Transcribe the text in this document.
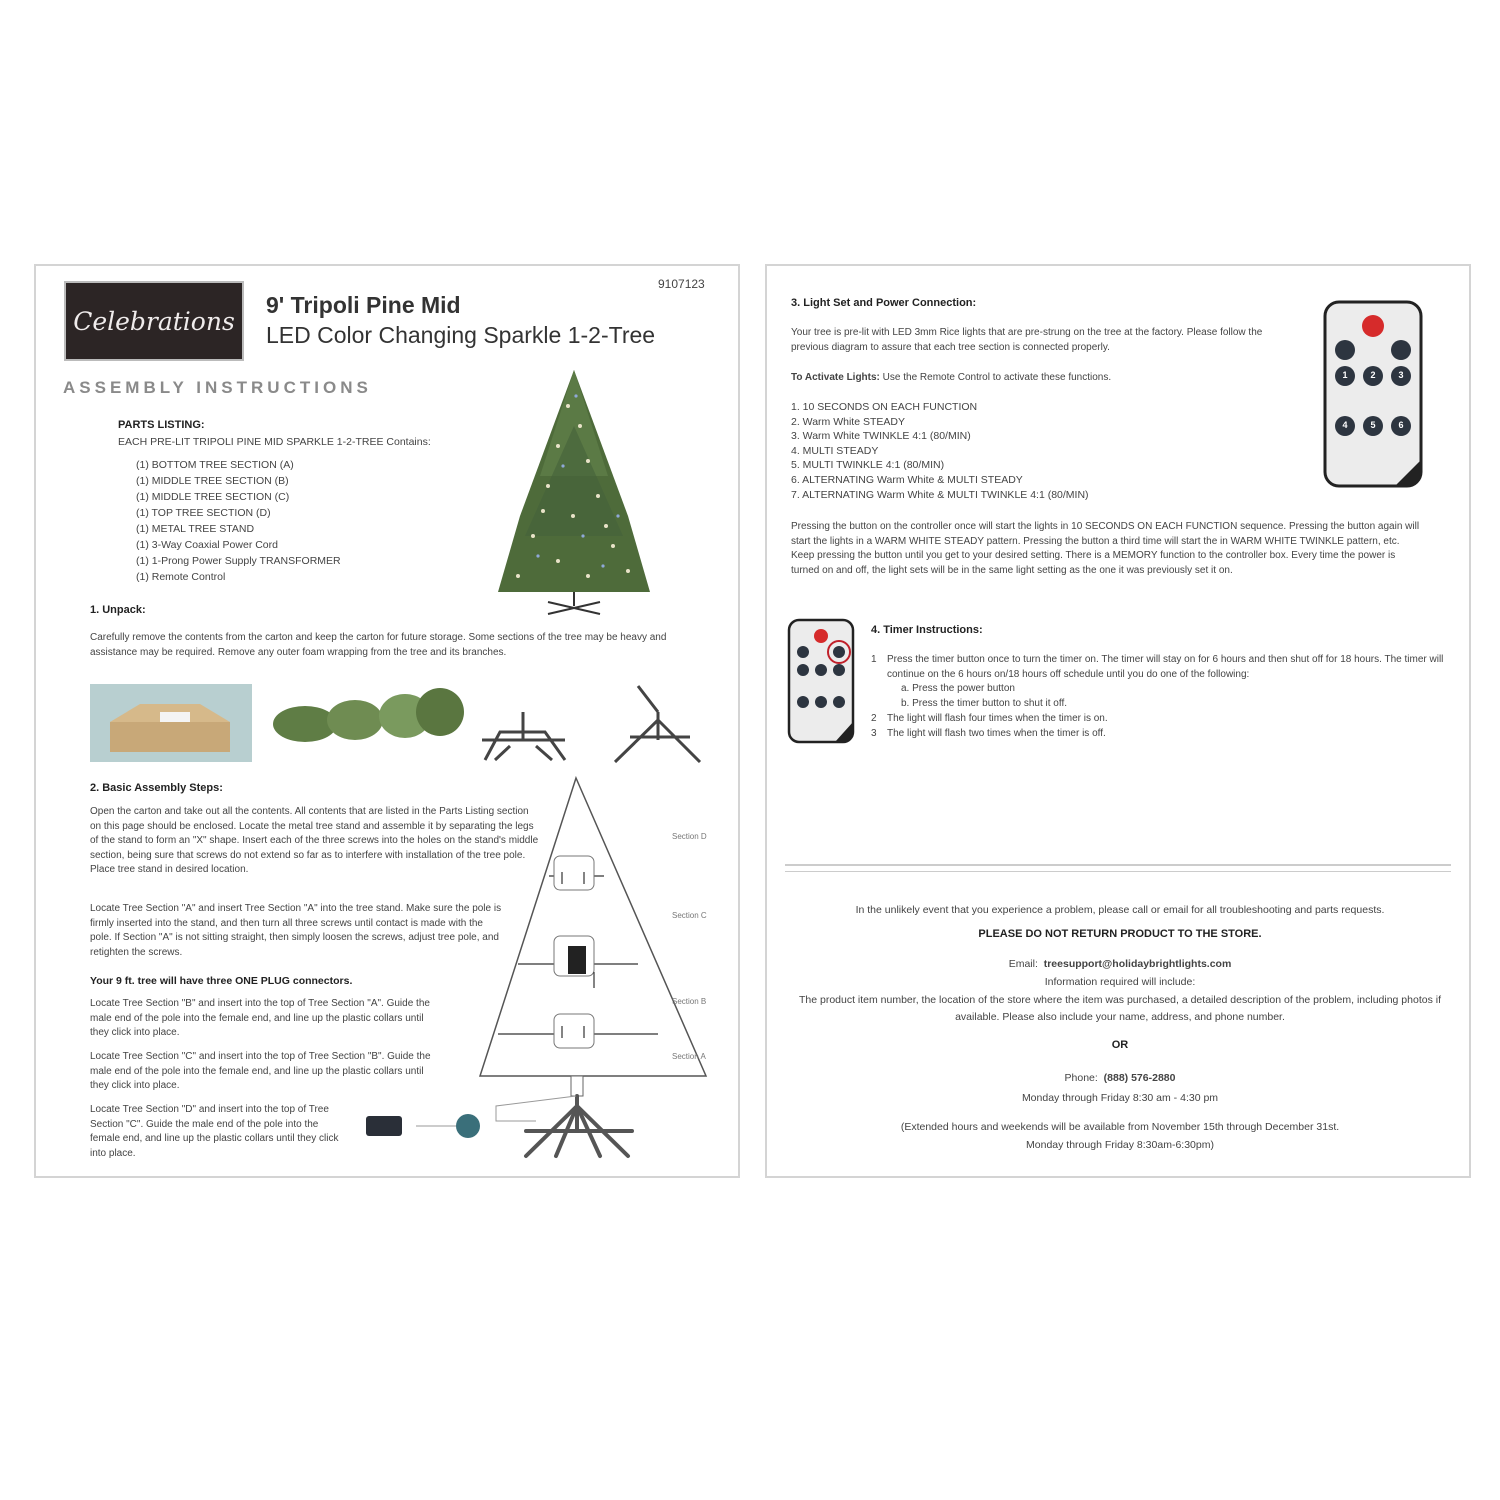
Celebrations
9107123
9' Tripoli Pine Mid
LED Color Changing Sparkle 1-2-Tree
ASSEMBLY INSTRUCTIONS
PARTS LISTING:
EACH PRE-LIT TRIPOLI PINE MID SPARKLE 1-2-TREE Contains:
(1) BOTTOM TREE SECTION (A)
(1) MIDDLE TREE SECTION (B)
(1) MIDDLE TREE SECTION (C)
(1) TOP TREE SECTION (D)
(1) METAL TREE STAND
(1) 3-Way Coaxial Power Cord
(1) 1-Prong Power Supply TRANSFORMER
(1) Remote Control
1. Unpack:
Carefully remove the contents from the carton and keep the carton for future storage. Some sections of the tree may be heavy and assistance may be required. Remove any outer foam wrapping from the tree and its branches.
2. Basic Assembly Steps:
Open the carton and take out all the contents. All contents that are listed in the Parts Listing section on this page should be enclosed. Locate the metal tree stand and assemble it by separating the legs of the stand to form an "X" shape. Insert each of the three screws into the holes on the stand's middle section, being sure that screws do not extend so far as to interfere with installation of the tree pole. Place tree stand in desired location.
Locate Tree Section "A" and insert Tree Section "A" into the tree stand. Make sure the pole is firmly inserted into the stand, and then turn all three screws until contact is made with the pole. If Section "A" is not sitting straight, then simply loosen the screws, adjust tree pole, and retighten the screws.
Your 9 ft. tree will have three ONE PLUG connectors.
Locate Tree Section "B" and insert into the top of Tree Section "A". Guide the male end of the pole into the female end, and line up the plastic collars until they click into place.
Locate Tree Section "C" and insert into the top of Tree Section "B". Guide the male end of the pole into the female end, and line up the plastic collars until they click into place.
Locate Tree Section "D" and insert into the top of Tree Section "C". Guide the male end of the pole into the female end, and line up the plastic collars until they click into place.
Section D
Section C
Section B
Section A
3. Light Set and Power Connection:
Your tree is pre-lit with LED 3mm Rice lights that are pre-strung on the tree at the factory. Please follow the previous diagram to assure that each tree section is connected properly.
To Activate Lights: Use the Remote Control to activate these functions.
1. 10 SECONDS ON EACH FUNCTION
2. Warm White STEADY
3. Warm White TWINKLE 4:1 (80/MIN)
4. MULTI STEADY
5. MULTI TWINKLE 4:1 (80/MIN)
6. ALTERNATING Warm White & MULTI STEADY
7. ALTERNATING Warm White & MULTI TWINKLE 4:1 (80/MIN)
Pressing the button on the controller once will start the lights in 10 SECONDS ON EACH FUNCTION sequence. Pressing the button again will start the lights in a WARM WHITE STEADY pattern. Pressing the button a third time will start the in WARM WHITE TWINKLE pattern, etc. Keep pressing the button until you get to your desired setting. There is a MEMORY function to the controller box. Every time the power is turned on and off, the light sets will be in the same light setting as the one it was previously set it on.
1	2	3
4	5	6
4. Timer Instructions:
1 Press the timer button once to turn the timer on. The timer will stay on for 6 hours and then shut off for 18 hours. The timer will continue on the 6 hours on/18 hours off schedule until you do one of the following:
a. Press the power button
b. Press the timer button to shut it off.
2 The light will flash four times when the timer is on.
3 The light will flash two times when the timer is off.
In the unlikely event that you experience a problem, please call or email for all troubleshooting and parts requests.
PLEASE DO NOT RETURN PRODUCT TO THE STORE.
Email: treesupport@holidaybrightlights.com
Information required will include:
The product item number, the location of the store where the item was purchased, a detailed description of the problem, including photos if available. Please also include your name, address, and phone number.
OR
Phone: (888) 576-2880
Monday through Friday 8:30 am - 4:30 pm
(Extended hours and weekends will be available from November 15th through December 31st.
Monday through Friday 8:30am-6:30pm)
